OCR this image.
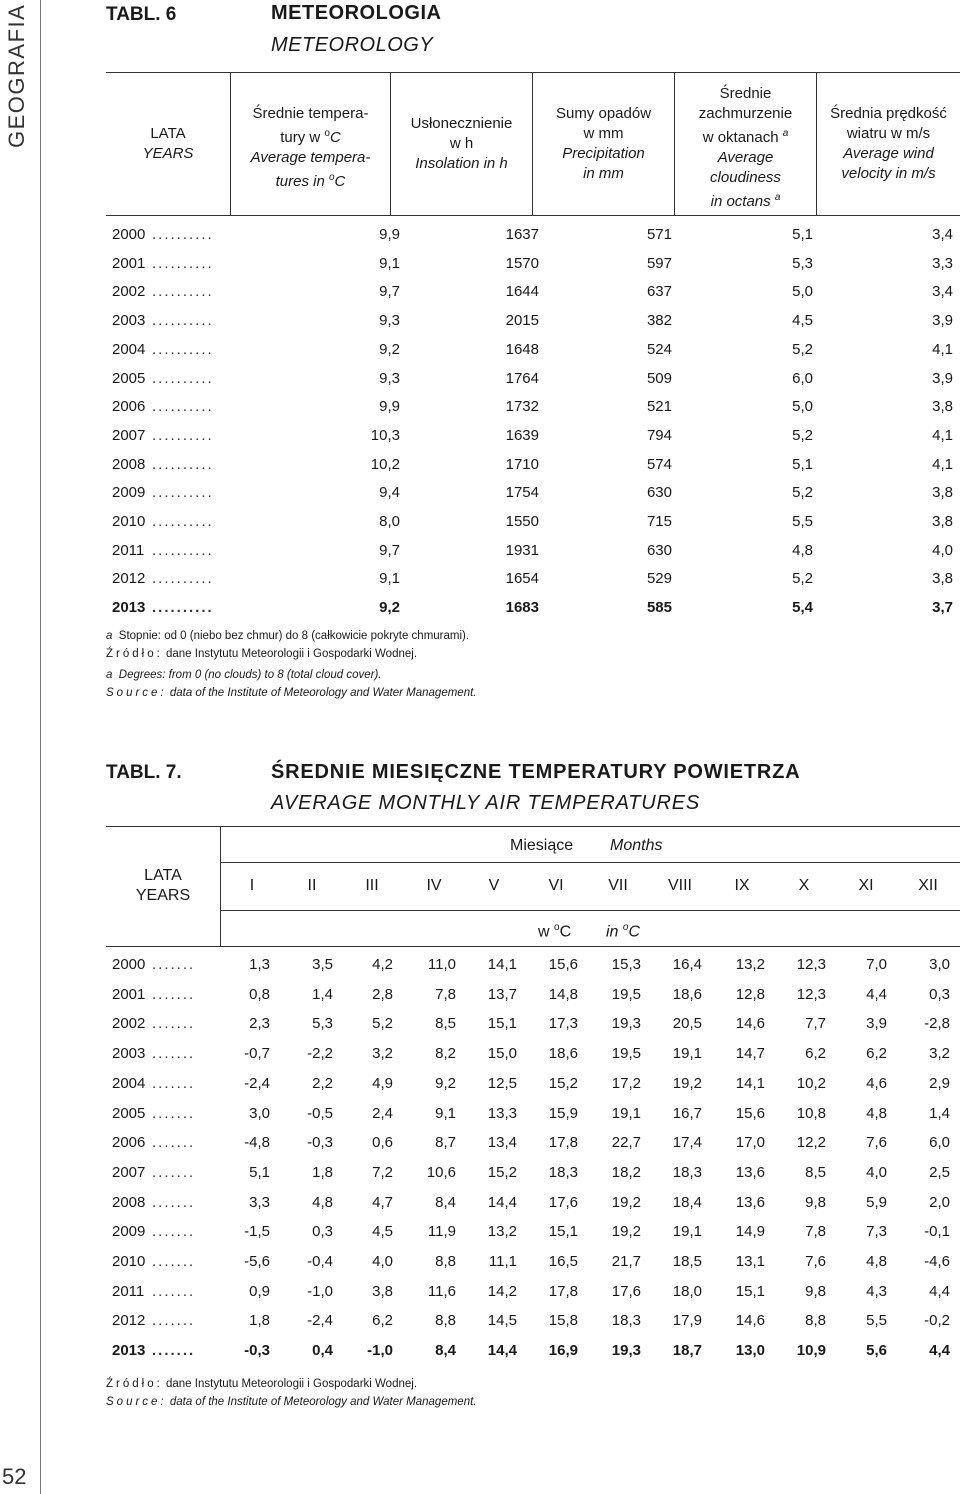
GEOGRAFIA
52
TABL. 6	METEOROLOGIA
METEOROLOGY
LATA
YEARS
Średnie tempera-
tury w $^o$C
Average tempera-
tures in $^o$C
Usłonecznienie
w h
Insolation in h
Sumy opadów
w mm
Precipitation
in mm
Średnie
zachmurzenie
w oktanach $^a$
Average
cloudiness
in octans $^a$
Średnia prędkość
wiatru w m/s
Average wind
velocity in m/s
2000 ..........	9,9	1637	571	5,1	3,4
2001 ..........	9,1	1570	597	5,3	3,3
2002 ..........	9,7	1644	637	5,0	3,4
2003 ..........	9,3	2015	382	4,5	3,9
2004 ..........	9,2	1648	524	5,2	4,1
2005 ..........	9,3	1764	509	6,0	3,9
2006 ..........	9,9	1732	521	5,0	3,8
2007 ..........	10,3	1639	794	5,2	4,1
2008 ..........	10,2	1710	574	5,1	4,1
2009 ..........	9,4	1754	630	5,2	3,8
2010 ..........	8,0	1550	715	5,5	3,8
2011 ..........	9,7	1931	630	4,8	4,0
2012 ..........	9,1	1654	529	5,2	3,8
2013 ..........	9,2	1683	585	5,4	3,7
a Stopnie: od 0 (niebo bez chmur) do 8 (całkowicie pokryte chmurami).
Źródło: dane Instytutu Meteorologii i Gospodarki Wodnej.
a Degrees: from 0 (no clouds) to 8 (total cloud cover).
Source: data of the Institute of Meteorology and Water Management.
TABL. 7.	ŚREDNIE MIESIĘCZNE TEMPERATURY POWIETRZA
AVERAGE MONTHLY AIR TEMPERATURES
LATA
YEARS
Miesiące Months
w $^o$C in $^o$C
I	II	III	IV	V	VI	VII	VIII	IX	X	XI	XII
2000 .......	1,3	3,5	4,2 11,0 14,1 15,6 15,3 16,4 13,2 12,3	7,0	3,0
2001 .......	0,8	1,4	2,8	7,8 13,7 14,8 19,5 18,6 12,8 12,3	4,4	0,3
2002 .......	2,3	5,3	5,2	8,5 15,1 17,3 19,3 20,5 14,6	7,7	3,9 -2,8
2003 .......	-0,7 -2,2	3,2	8,2 15,0 18,6 19,5 19,1 14,7	6,2	6,2	3,2
2004 .......	-2,4	2,2	4,9	9,2 12,5 15,2 17,2 19,2 14,1 10,2	4,6	2,9
2005 .......	3,0 -0,5	2,4	9,1 13,3 15,9 19,1 16,7 15,6 10,8	4,8	1,4
2006 .......	-4,8 -0,3	0,6	8,7 13,4 17,8 22,7 17,4 17,0 12,2	7,6	6,0
2007 .......	5,1	1,8	7,2 10,6 15,2 18,3 18,2 18,3 13,6	8,5	4,0	2,5
2008 .......	3,3	4,8	4,7	8,4 14,4 17,6 19,2 18,4 13,6	9,8	5,9	2,0
2009 .......	-1,5	0,3	4,5 11,9 13,2 15,1 19,2 19,1 14,9	7,8	7,3 -0,1
2010 .......	-5,6 -0,4	4,0	8,8 11,1 16,5 21,7 18,5 13,1	7,6	4,8 -4,6
2011 .......	0,9 -1,0	3,8 11,6 14,2 17,8 17,6 18,0 15,1	9,8	4,3	4,4
2012 .......	1,8 -2,4	6,2	8,8 14,5 15,8 18,3 17,9 14,6	8,8	5,5 -0,2
2013 .......	-0,3	0,4 -1,0	8,4 14,4 16,9 19,3 18,7 13,0 10,9	5,6	4,4
Źródło: dane Instytutu Meteorologii i Gospodarki Wodnej.
Source: data of the Institute of Meteorology and Water Management.
